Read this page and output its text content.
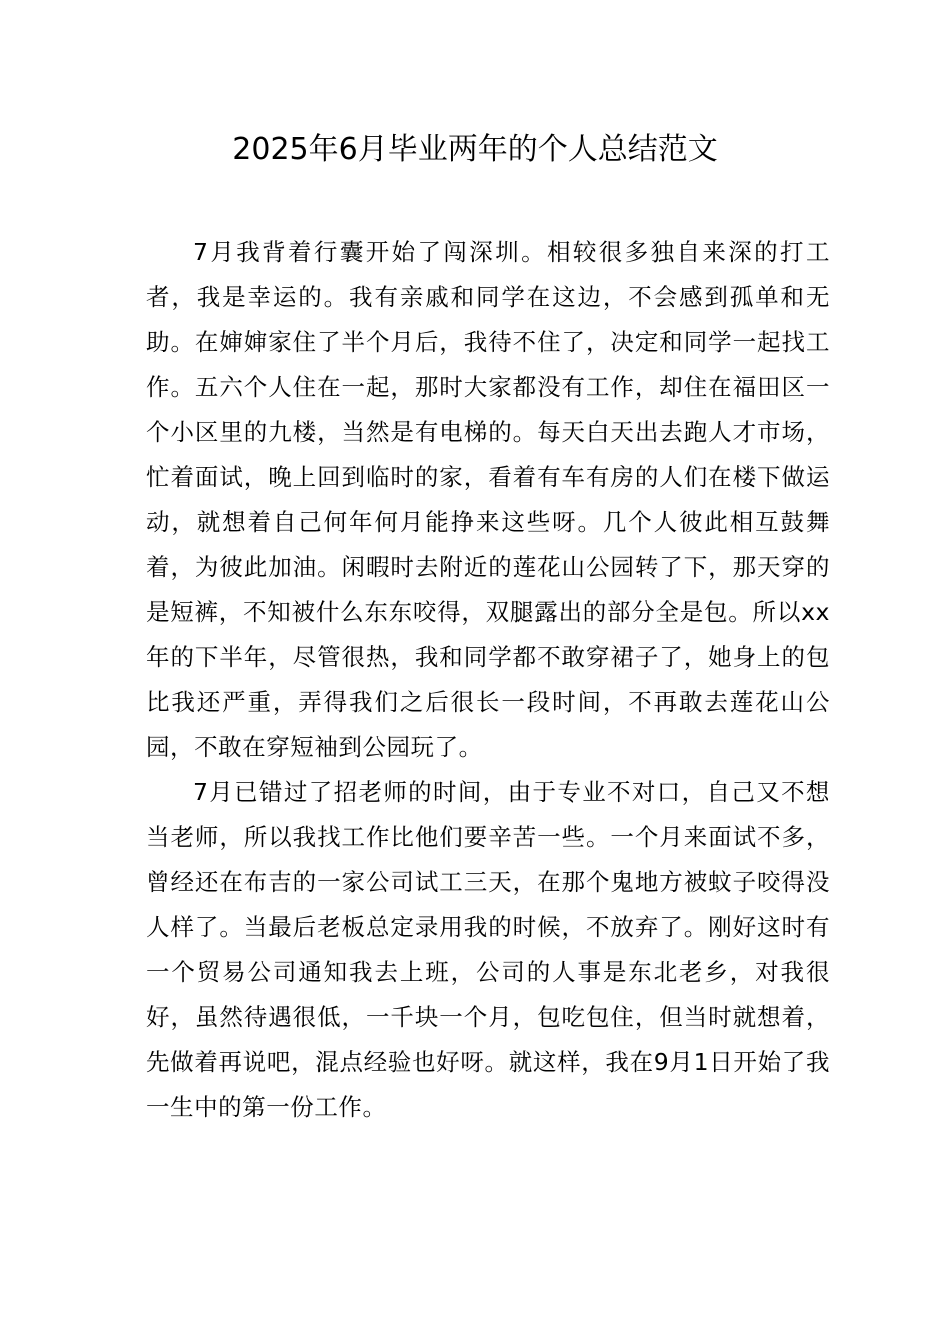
2025年6月毕业两年的个人总结范文

7月我背着行囊开始了闯深圳。相较很多独自来深的打工者，我是幸运的。我有亲戚和同学在这边，不会感到孤单和无助。在婶婶家住了半个月后，我待不住了，决定和同学一起找工作。五六个人住在一起，那时大家都没有工作，却住在福田区一个小区里的九楼，当然是有电梯的。每天白天出去跑人才市场，忙着面试，晚上回到临时的家，看着有车有房的人们在楼下做运动，就想着自己何年何月能挣来这些呀。几个人彼此相互鼓舞着，为彼此加油。闲暇时去附近的莲花山公园转了下，那天穿的是短裤，不知被什么东东咬得，双腿露出的部分全是包。所以xx年的下半年，尽管很热，我和同学都不敢穿裙子了，她身上的包比我还严重，弄得我们之后很长一段时间，不再敢去莲花山公园，不敢在穿短袖到公园玩了。

7月已错过了招老师的时间，由于专业不对口，自己又不想当老师，所以我找工作比他们要辛苦一些。一个月来面试不多，曾经还在布吉的一家公司试工三天，在那个鬼地方被蚊子咬得没人样了。当最后老板总定录用我的时候，不放弃了。刚好这时有一个贸易公司通知我去上班，公司的人事是东北老乡，对我很好，虽然待遇很低，一千块一个月，包吃包住，但当时就想着，先做着再说吧，混点经验也好呀。就这样，我在9月1日开始了我一生中的第一份工作。
